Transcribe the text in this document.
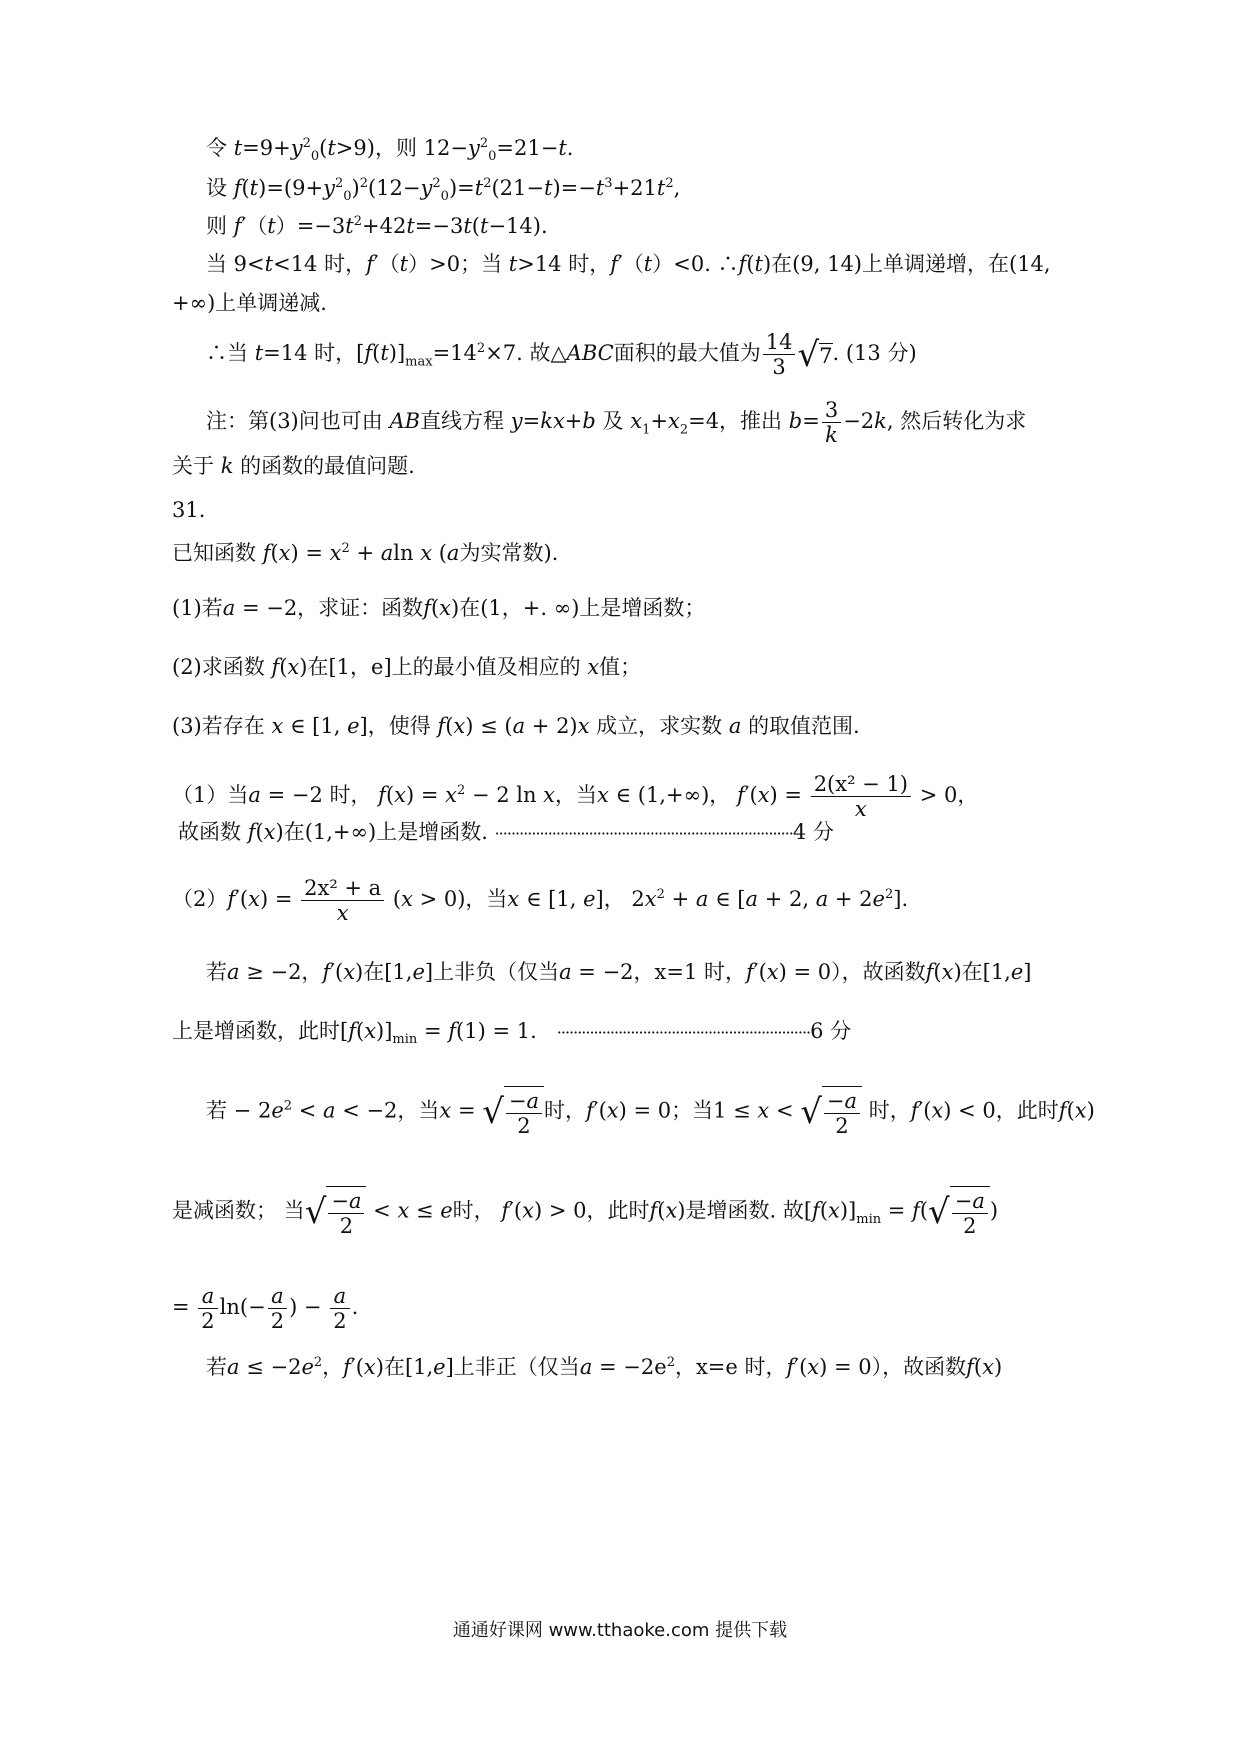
令 $t=9+y^2_0(t>9)$，则 $12-y^2_0=21-t$.
设 $f(t)=(9+y^2_0)^2(12-y^2_0)=t^2(21-t)=-t^3+21t^2$,
则 $f'(t)=-3t^2+42t=-3t(t-14)$.
当 9<t<14 时，f′（t）>0；当 t>14 时，f′（t）<0. ∴f(t)在(9, 14)上单调递增，在(14,
+∞)上单调递减.
∴当 t=14 时，$[f(t)]_{max}=14^2\times 7$. 故△ABC面积的最大值为 $\frac{14}{3} √7$. (13 分)
注：第(3)问也可由 AB直线方程 y=kx+b 及 $x_1+x_2=4$，推出 $b= \frac{3}{k} -2k$, 然后转化为求
关于 k 的函数的最值问题.
31.
已知函数 $f(x) = x^2 + aln$ x (a为实常数).
(1)若a = −2，求证：函数f(x)在(1，+. ∞)上是增函数；
(2)求函数 f(x)在[1，e]上的最小值及相应的 x值；
(3)若存在 x ∈ [1, e]，使得 f(x) ≤ (a + 2)x 成立，求实数 a 的取值范围.
（1）当a = −2 时， $f(x) = x^2 - 2$ ln x，当x ∈ (1,+∞)， $f'(x) = \frac{\text{2(x² − 1)}}{x} > 0$，
故函数 f(x)在(1,+∞)上是增函数. ·········································································4 分
$(2)f'(x) = \frac{\text{2x² + a}}{x} (x > 0)$，当x ∈ [1, e]， $2x^2 + a$ ∈ [a + 2, $a + 2e^2$].
若a ≥ −2，f′(x)在[1,e]上非负（仅当a = −2，x=1 时，f′(x) = 0），故函数f(x)在[1,e]
上是增函数，此时$[f(x)]_{min} = f(1) = 1$. ······························································6 分
若 − $2e^2 < a < -2$，当x = √ $\frac{-a}{2}$ 时，f′(x) = 0；当1 ≤ x < √ $\frac{-a}{2}$ 时，f′(x) < 0，此时f(x)
是减函数； 当√ $\frac{-a}{2} < x \le e$时， f′(x) > 0，此时f(x)是增函数. 故$[f(x)]_{min} = f(√ \frac{-a}{2}$ )
= $\frac{a}{2} \ln(- \frac{a}{2}$ ) − $\frac{a}{2}$ .
若$a \le -2e^2$，f′(x)在[1,e]上非正（仅当$a = -2e^2$，x=e 时，f′(x) = 0），故函数f(x)
通通好课网 www.tthaoke.com 提供下载
